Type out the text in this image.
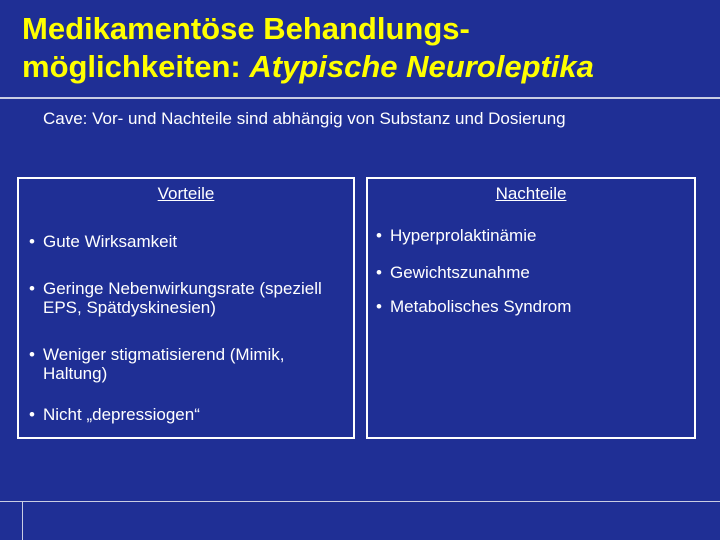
Medikamentöse Behandlungs-
möglichkeiten: Atypische Neuroleptika
Cave: Vor- und Nachteile sind abhängig von Substanz und Dosierung
Vorteile
• Gute Wirksamkeit
• Geringe Nebenwirkungsrate (speziell EPS, Spätdyskinesien)
• Weniger stigmatisierend (Mimik, Haltung)
• Nicht „depressiogen“
Nachteile
• Hyperprolaktinämie
• Gewichtszunahme
• Metabolisches Syndrom
